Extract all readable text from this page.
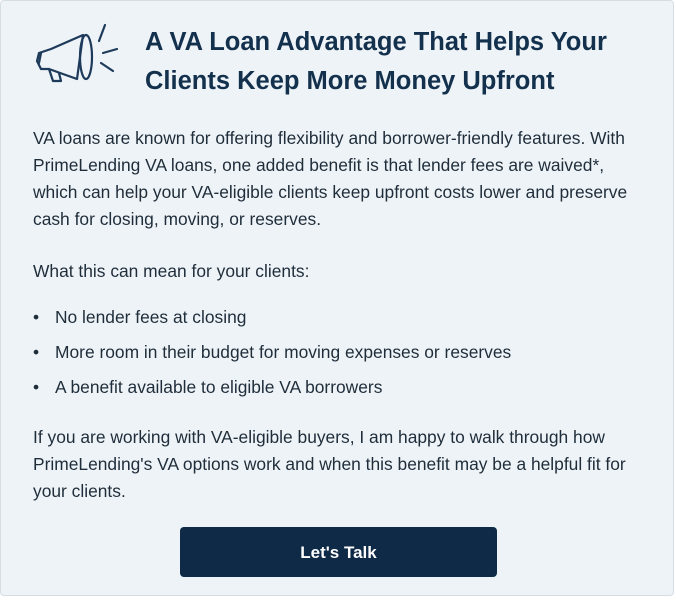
A VA Loan Advantage That Helps Your Clients Keep More Money Upfront

VA loans are known for offering flexibility and borrower-friendly features. With PrimeLending VA loans, one added benefit is that lender fees are waived*, which can help your VA-eligible clients keep upfront costs lower and preserve cash for closing, moving, or reserves.

What this can mean for your clients:

• No lender fees at closing
• More room in their budget for moving expenses or reserves
• A benefit available to eligible VA borrowers

If you are working with VA-eligible buyers, I am happy to walk through how PrimeLending's VA options work and when this benefit may be a helpful fit for your clients.

Let's Talk
